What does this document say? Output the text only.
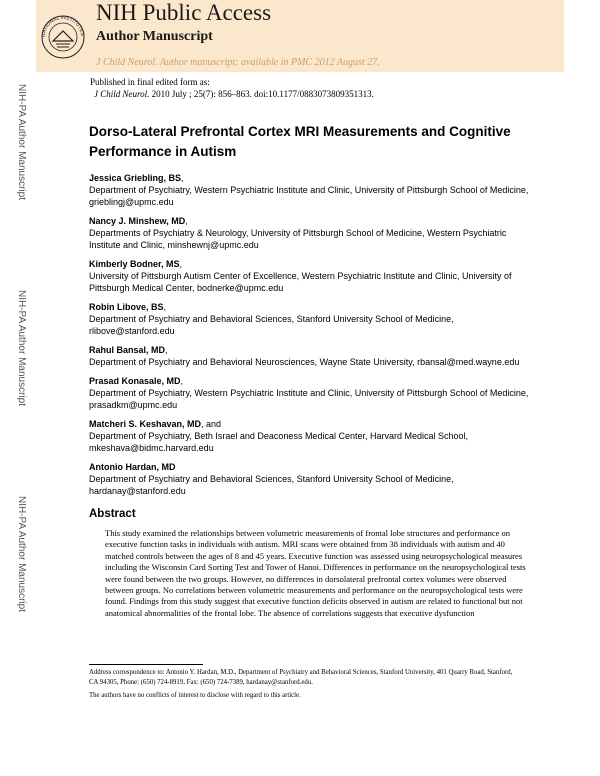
NATIONAL INSTITUTES
NIH Public Access
Author Manuscript
J Child Neurol. Author manuscript; available in PMC 2012 August 27.
Published in final edited form as:
J Child Neurol. 2010 July ; 25(7): 856–863. doi:10.1177/0883073809351313.
NIH-PA Author Manuscript
NIH-PA Author Manuscript
NIH-PA Author Manuscript
Dorso-Lateral Prefrontal Cortex MRI Measurements and Cognitive Performance in Autism
Jessica Griebling, BS,
Department of Psychiatry, Western Psychiatric Institute and Clinic, University of Pittsburgh School of Medicine, grieblingj@upmc.edu
Nancy J. Minshew, MD,
Departments of Psychiatry & Neurology, University of Pittsburgh School of Medicine, Western Psychiatric Institute and Clinic, minshewnj@upmc.edu
Kimberly Bodner, MS,
University of Pittsburgh Autism Center of Excellence, Western Psychiatric Institute and Clinic, University of Pittsburgh Medical Center, bodnerke@upmc.edu
Robin Libove, BS,
Department of Psychiatry and Behavioral Sciences, Stanford University School of Medicine, rlibove@stanford.edu
Rahul Bansal, MD,
Department of Psychiatry and Behavioral Neurosciences, Wayne State University, rbansal@med.wayne.edu
Prasad Konasale, MD,
Department of Psychiatry, Western Psychiatric Institute and Clinic, University of Pittsburgh School of Medicine, prasadkm@upmc.edu
Matcheri S. Keshavan, MD, and
Department of Psychiatry, Beth Israel and Deaconess Medical Center, Harvard Medical School, mkeshava@bidmc.harvard.edu
Antonio Hardan, MD
Department of Psychiatry and Behavioral Sciences, Stanford University School of Medicine, hardanay@stanford.edu
Abstract
This study examined the relationships between volumetric measurements of frontal lobe structures and performance on executive function tasks in individuals with autism. MRI scans were obtained from 38 individuals with autism and 40 matched controls between the ages of 8 and 45 years. Executive function was assessed using neuropsychological measures including the Wisconsin Card Sorting Test and Tower of Hanoi. Differences in performance on the neuropsychological tests were found between the two groups. However, no differences in dorsolateral prefrontal cortex volumes were observed between groups. No correlations between volumetric measurements and performance on the neuropsychological tests were found. Findings from this study suggest that executive function deficits observed in autism are related to functional but not anatomical abnormalities of the frontal lobe. The absence of correlations suggests that executive dysfunction

Address correspondence to: Antonio Y. Hardan, M.D., Department of Psychiatry and Behavioral Sciences, Stanford University, 401 Quarry Road, Stanford, CA 94305, Phone: (650) 724-8919, Fax: (650) 724-7389, hardanay@stanford.edu.

The authors have no conflicts of interest to disclose with regard to this article.
